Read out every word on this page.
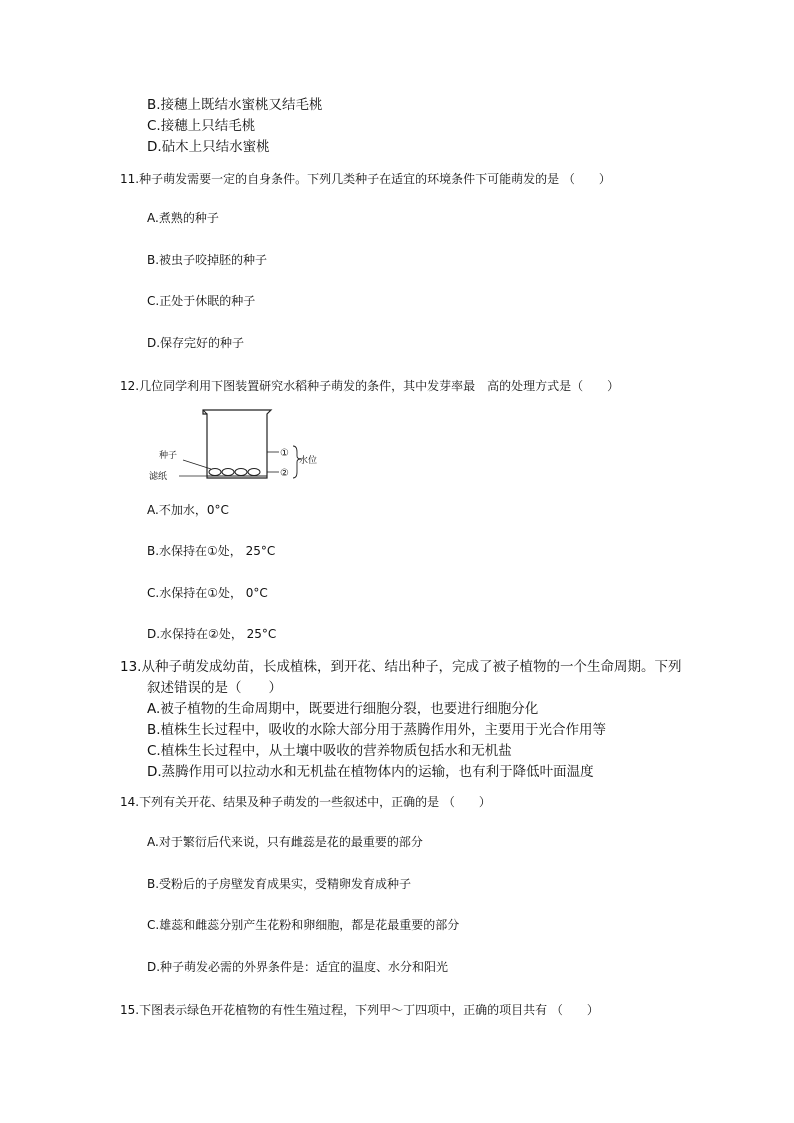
B.接穗上既结水蜜桃又结毛桃
C.接穗上只结毛桃
D.砧木上只结水蜜桃
11.种子萌发需要一定的自身条件。下列几类种子在适宜的环境条件下可能萌发的是 （　　）
A.煮熟的种子
B.被虫子咬掉胚的种子
C.正处于休眠的种子
D.保存完好的种子
12.几位同学利用下图装置研究水稻种子萌发的条件，其中发芽率最　高的处理方式是（　　）
种子
滤纸
①
②
水位
A.不加水，0°C
B.水保持在①处， 25°C
C.水保持在①处， 0°C
D.水保持在②处， 25°C
13.从种子萌发成幼苗，长成植株，到开花、结出种子，完成了被子植物的一个生命周期。下列
叙述错误的是（　　）
A.被子植物的生命周期中，既要进行细胞分裂，也要进行细胞分化
B.植株生长过程中，吸收的水除大部分用于蒸腾作用外，主要用于光合作用等
C.植株生长过程中，从土壤中吸收的营养物质包括水和无机盐
D.蒸腾作用可以拉动水和无机盐在植物体内的运输，也有利于降低叶面温度
14.下列有关开花、结果及种子萌发的一些叙述中，正确的是 （　　）
A.对于繁衍后代来说，只有雌蕊是花的最重要的部分
B.受粉后的子房壁发育成果实，受精卵发育成种子
C.雄蕊和雌蕊分别产生花粉和卵细胞，都是花最重要的部分
D.种子萌发必需的外界条件是：适宜的温度、水分和阳光
15.下图表示绿色开花植物的有性生殖过程，下列甲～丁四项中，正确的项目共有 （　　）
